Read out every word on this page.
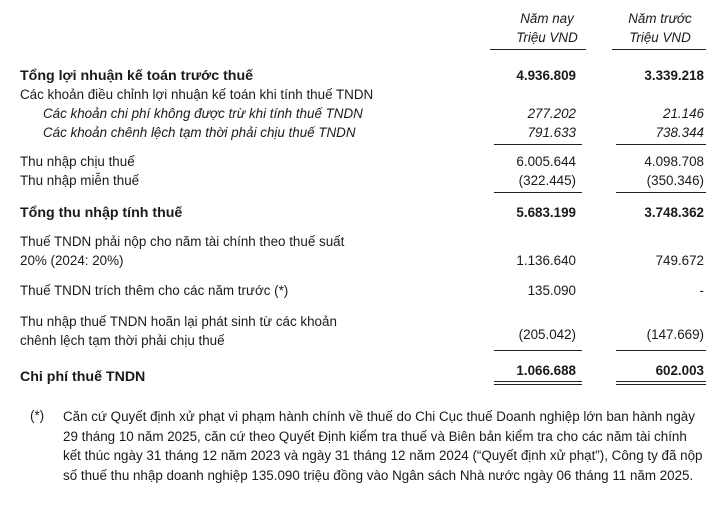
Năm nay
Triệu VND
Năm trước
Triệu VND
Tổng lợi nhuận kế toán trước thuế	4.936.809	3.339.218
Các khoản điều chỉnh lợi nhuận kế toán khi tính thuế TNDN
Các khoản chi phí không được trừ khi tính thuế TNDN	277.202	21.146
Các khoản chênh lệch tạm thời phải chịu thuế TNDN	791.633	738.344
Thu nhập chịu thuế	6.005.644	4.098.708
Thu nhập miễn thuế	(322.445)	(350.346)
Tổng thu nhập tính thuế	5.683.199	3.748.362
Thuế TNDN phải nộp cho năm tài chính theo thuế suất
20% (2024: 20%)	1.136.640	749.672
Thuế TNDN trích thêm cho các năm trước (*)	135.090	-
Thu nhập thuế TNDN hoãn lại phát sinh từ các khoản
chênh lệch tạm thời phải chịu thuế	(205.042)	(147.669)
Chi phí thuế TNDN	1.066.688	602.003
(*) Căn cứ Quyết định xử phạt vi phạm hành chính về thuế do Chi Cục thuế Doanh nghiệp lớn ban hành ngày 29 tháng 10 năm 2025, căn cứ theo Quyết Định kiểm tra thuế và Biên bản kiểm tra cho các năm tài chính kết thúc ngày 31 tháng 12 năm 2023 và ngày 31 tháng 12 năm 2024 (“Quyết định xử phạt”), Công ty đã nộp số thuế thu nhập doanh nghiệp 135.090 triệu đồng vào Ngân sách Nhà nước ngày 06 tháng 11 năm 2025.
